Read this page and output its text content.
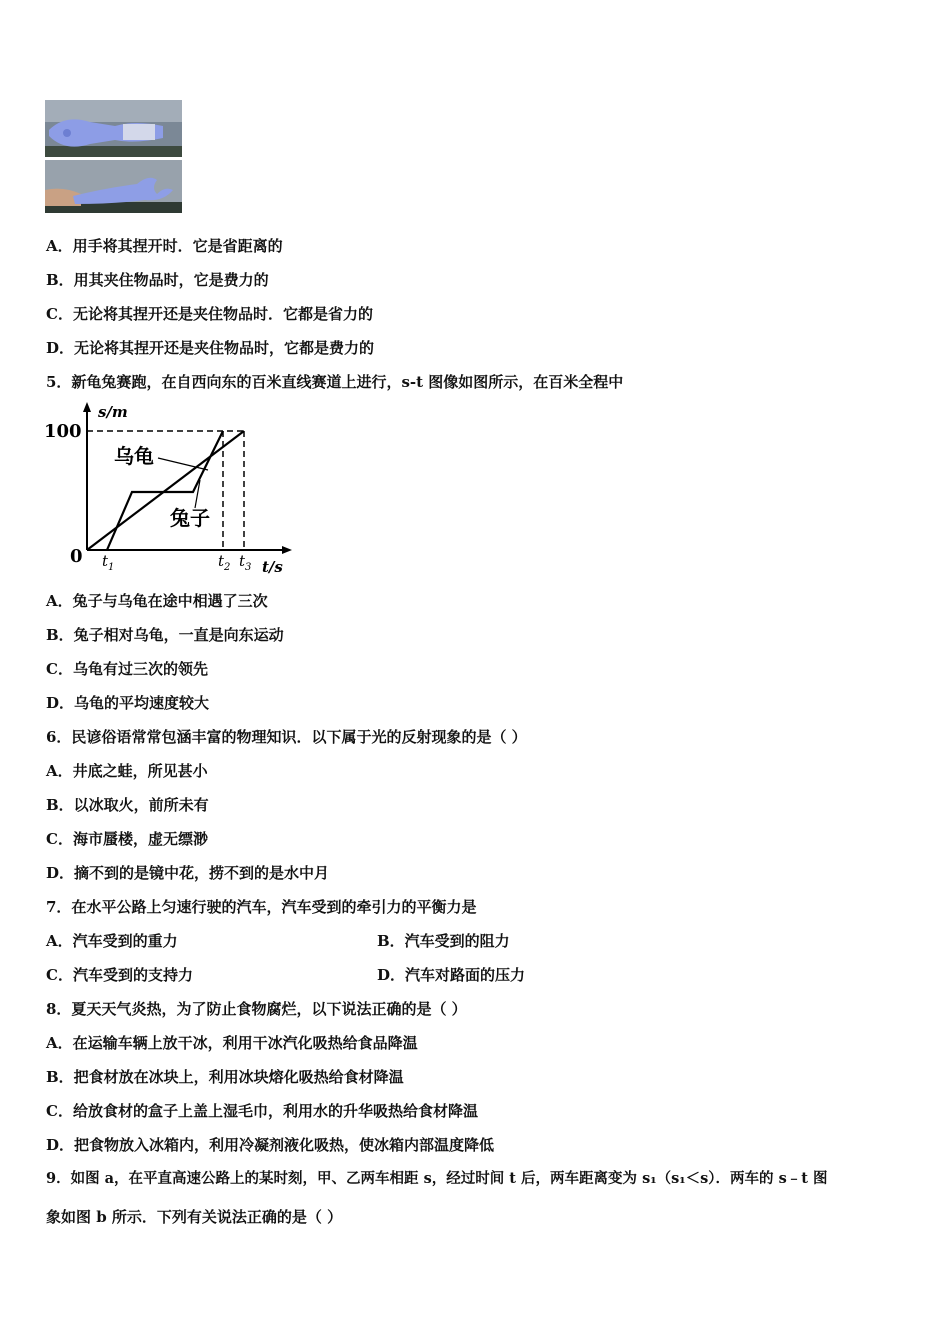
A．用手将其捏开时．它是省距离的
B．用其夹住物品时，它是费力的
C．无论将其捏开还是夹住物品时．它都是省力的
D．无论将其捏开还是夹住物品时，它都是费力的
5．新龟兔赛跑，在自西向东的百米直线赛道上进行，s-t 图像如图所示，在百米全程中
s/m
100
0
乌龟
兔子
$t_1$	$t_2$ $t_3$ t/s
A．兔子与乌龟在途中相遇了三次
B．兔子相对乌龟，一直是向东运动
C．乌龟有过三次的领先
D．乌龟的平均速度较大
6．民谚俗语常常包涵丰富的物理知识．以下属于光的反射现象的是（ ）
A．井底之蛙，所见甚小
B．以冰取火，前所未有
C．海市蜃楼，虚无缥渺
D．摘不到的是镜中花，捞不到的是水中月
7．在水平公路上匀速行驶的汽车，汽车受到的牵引力的平衡力是
A．汽车受到的重力	B．汽车受到的阻力
C．汽车受到的支持力	D．汽车对路面的压力
8．夏天天气炎热，为了防止食物腐烂，以下说法正确的是（ ）
A．在运输车辆上放干冰，利用干冰汽化吸热给食品降温
B．把食材放在冰块上，利用冰块熔化吸热给食材降温
C．给放食材的盒子上盖上湿毛巾，利用水的升华吸热给食材降温
D．把食物放入冰箱内，利用冷凝剂液化吸热，使冰箱内部温度降低
9．如图 a，在平直高速公路上的某时刻，甲、乙两车相距 s，经过时间 t 后，两车距离变为 s₁（s₁＜s）．两车的 s﹣t 图
象如图 b 所示．下列有关说法正确的是（ ）
